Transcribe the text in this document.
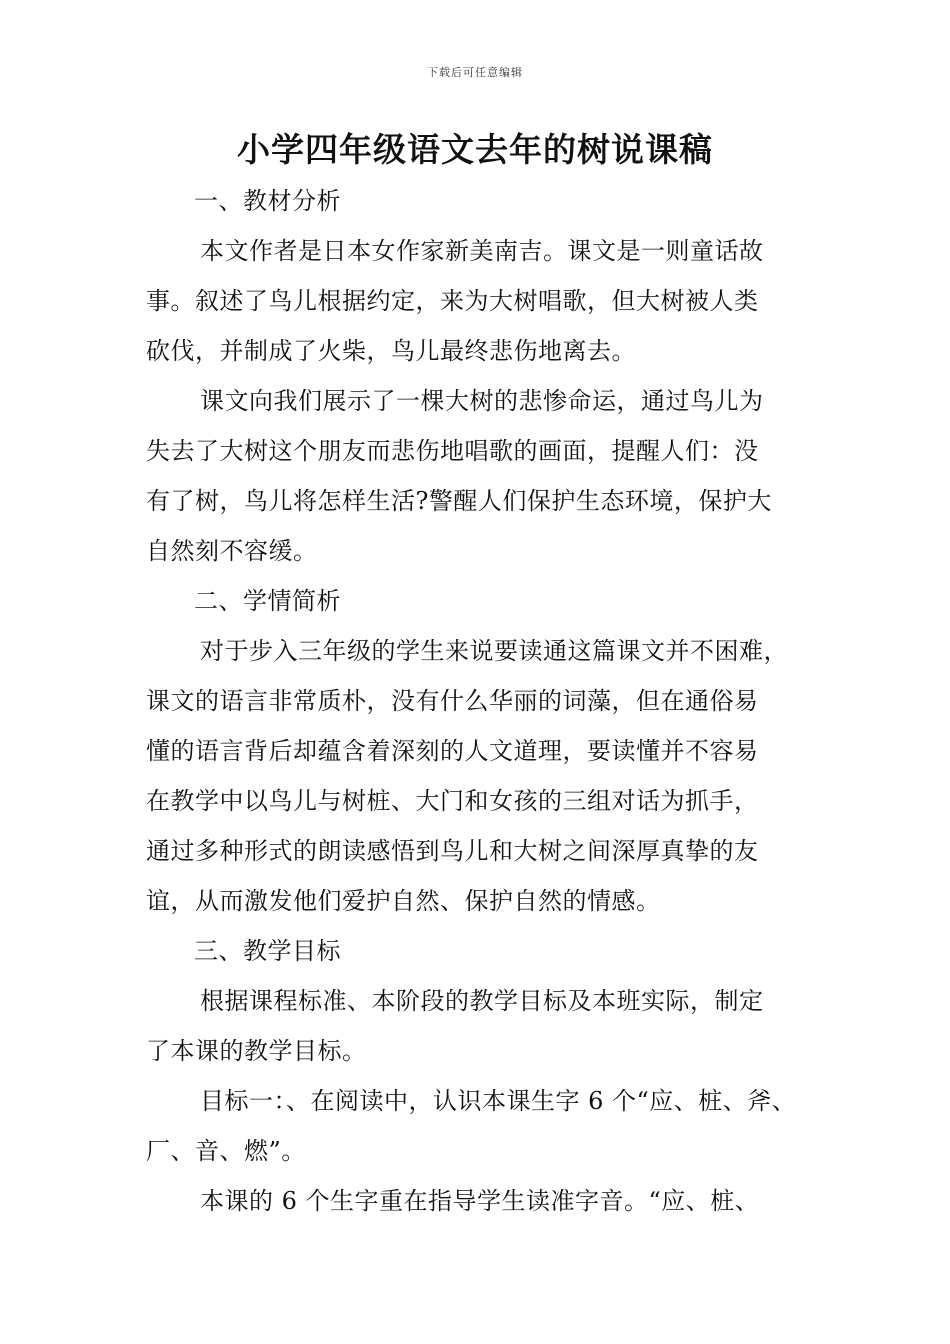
下载后可任意编辑
小学四年级语文去年的树说课稿
一、教材分析
本文作者是日本女作家新美南吉。课文是一则童话故
事。叙述了鸟儿根据约定，来为大树唱歌，但大树被人类
砍伐，并制成了火柴，鸟儿最终悲伤地离去。
课文向我们展示了一棵大树的悲惨命运，通过鸟儿为
失去了大树这个朋友而悲伤地唱歌的画面，提醒人们：没
有了树，鸟儿将怎样生活?警醒人们保护生态环境，保护大
自然刻不容缓。
二、学情简析
对于步入三年级的学生来说要读通这篇课文并不困难，
课文的语言非常质朴，没有什么华丽的词藻，但在通俗易
懂的语言背后却蕴含着深刻的人文道理，要读懂并不容易
在教学中以鸟儿与树桩、大门和女孩的三组对话为抓手，
通过多种形式的朗读感悟到鸟儿和大树之间深厚真挚的友
谊，从而激发他们爱护自然、保护自然的情感。
三、教学目标
根据课程标准、本阶段的教学目标及本班实际，制定
了本课的教学目标。
目标一：、在阅读中，认识本课生字 6 个“应、桩、斧、
厂、音、燃”。
本课的 6 个生字重在指导学生读准字音。“应、桩、
